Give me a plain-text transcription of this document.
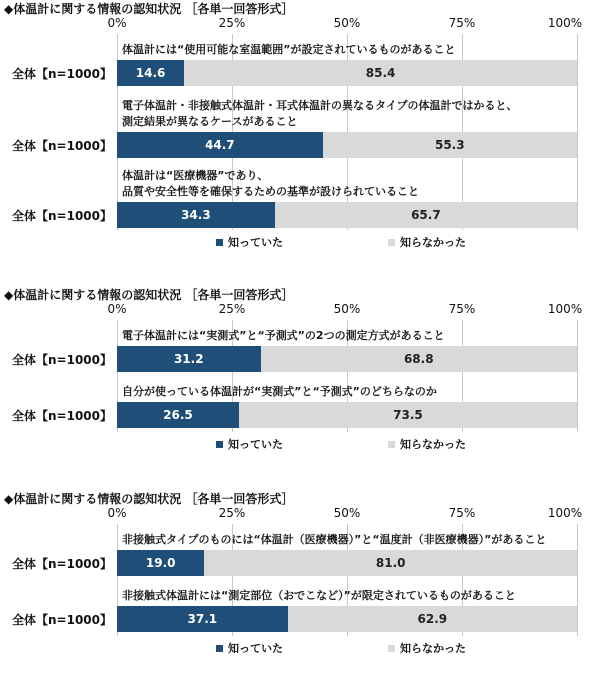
◆体温計に関する情報の認知状況 ［各単一回答形式］
0%	25%	50%	75%	100%
体温計には“使用可能な室温範囲”が設定されているものがあること
全体【n=1000】	14.6	85.4
電子体温計・非接触式体温計・耳式体温計の異なるタイプの体温計ではかると、
測定結果が異なるケースがあること
全体【n=1000】	44.7	55.3
体温計は“医療機器”であり、
品質や安全性等を確保するための基準が設けられていること
全体【n=1000】	34.3	65.7
知っていた	知らなかった
◆体温計に関する情報の認知状況 ［各単一回答形式］
0%	25%	50%	75%	100%
電子体温計には“実測式”と“予測式”の2つの測定方式があること
全体【n=1000】	31.2	68.8
自分が使っている体温計が“実測式”と“予測式”のどちらなのか
全体【n=1000】	26.5	73.5
知っていた	知らなかった
◆体温計に関する情報の認知状況 ［各単一回答形式］
0%	25%	50%	75%	100%
非接触式タイプのものには“体温計（医療機器）”と“温度計（非医療機器）”があること
全体【n=1000】	19.0	81.0
非接触式体温計には“測定部位（おでこなど）”が限定されているものがあること
全体【n=1000】	37.1	62.9
知っていた	知らなかった
